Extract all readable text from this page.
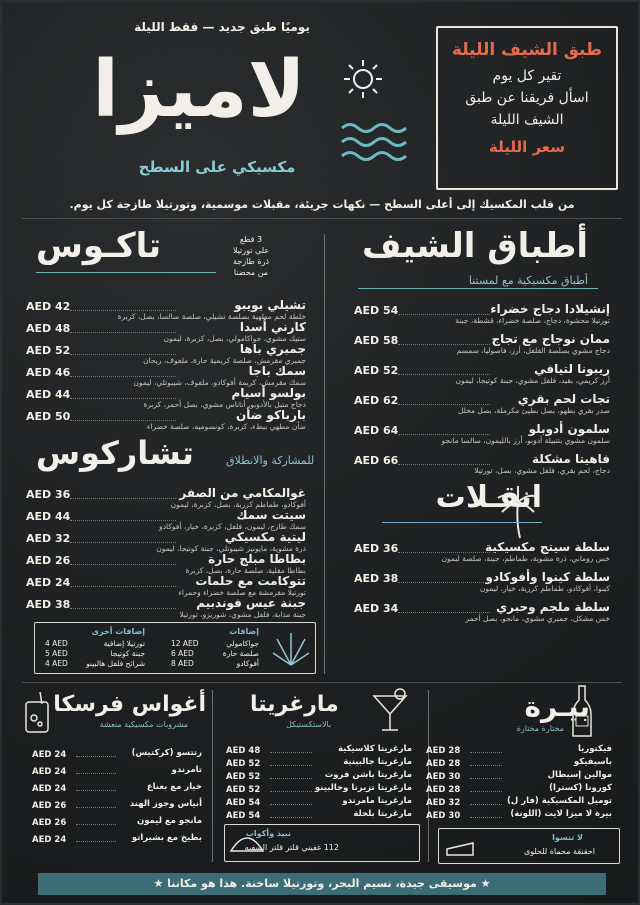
يوميًا طبق جديد — فقط الليلة
لاميزا
مكسيكي على السطح
طبق الشيف الليلة
تقير كل يوم
اسأل فريقنا عن طبق
الشيف الليلة
سعر الليلة
من قلب المكسيك إلى أعلى السطح — نكهات جريئة، مقبلات موسمية، وتورتيلا طازجة كل يوم.
أطباق الشيف
أطباق مكسيكية مع لمستنا
إنشيلادا دجاج خضراء
تورتيلا محشوة، دجاج، صلصة خضراء، قشطة، جبنة
AED 54
ممان نوجاج مع تجاج
دجاج مشوي بصلصة الفلفل، أرز، فاصوليا، سمسم
AED 58
ريبونا لتيافي
أرز كريمي، بقيد، فلفل مشوي، جبنة كوتيجا، ليمون
AED 52
تجات لحم بقري
صدر بقري بطهو، بصل بطيئ مكرملة، بصل مخلل
AED 62
سلمون أدوبلو
سلمون مشوي بتتبيلة أدوبو، أرز بالليمون، سالسا مانجو
AED 64
فاهيتا مشكلة
دجاج، لحم بقري، فلفل مشوي، بصل، تورتيلا
AED 66
انقـلات
سلطة سيتج مكسيكية
خس روماني، ذرة مشوية، طماطم، جبنة، صلصة ليمون
AED 36
سلطة كينوا وأفوكادو
كينوا، أفوكادو، طماطم كرزية، خيار، ليمون
AED 38
سلطة ملجم وحبري
خس مشكل، جمبري مشوي، مانجو، بصل أحمر
AED 34
تاكـوس	3 قطع
على تورتيلا
ذرة طازجة
من محضنا
تشيلي بويبو
خلطة لحم مطهية بصلصة تشيلي، صلصة سالسا، بصل، كزبرة
AED 42
كارني أسدا
ستيك مشوي، جواكامولي، بصل، كزبرة، ليمون
AED 48
جمبري باها
جمبري مقرمش، صلصة كريمية حارة، ملفوف، ريحان
AED 52
سمك باجا
سمك مقرمش، كريمة أفوكادو، ملفوف، شيبوتلي، ليمون
AED 46
بولسو أسيام
دجاج متبل بالأدوبو، أناناس مشوي، بصل أحمر، كزبرة
AED 44
بارباكو ضأن
ضأن مطهي ببطء، كزبرة، كونسوميه، صلصة خضراء
AED 50
تشاركوس	للمشاركة والانطلاق
غوالمكامي من الصفر
أفوكادو، طماطم كرزية، بصل، كزبرة، ليمون
AED 36
سيتت سمك
سمك طازج، ليمون، فلفل، كزبرة، خيار، أفوكادو
AED 44
ليتية مكسيكي
ذرة مشوية، مايونيز شيبوتلي، جبنة كوتيجا، ليمون
AED 32
بطاطا مبلج حارة
بطاطا مقلية، صلصة حارة، بصل، كزبرة
AED 26
تتوكامت مع حلمات
تورتيلا مقرمشة مع صلصة خضراء وحمراء
AED 24
جبنة عيس فوندبيم
جبنة مذابة، فلفل مشوي، شوريزو، تورتيلا
AED 38
إضافات
جواكامولي
12 AED
صلصة حارة
6 AED
أفوكادو
8 AED
إضافات أخرى
تورتيلا إضافية
4 AED
جبنة كوتيجا
5 AED
شرائح فلفل هالبينو
4 AED
أغواس فرسكا
مشروبات مكسيكية منعشة
رتتسو (كركتيس)
AED 24
تامرندو
AED 24
خيار مع بعناع
AED 24
أنياس وجوز الهند
AED 26
مانجو مع ليمون
AED 26
بطيخ مع بشيراتو
AED 24
مارغريتا
بالاستكستيكل
مارغريتا كلاسيكية
AED 48
مارغريتا جالبينية
AED 52
مارغريتا باشن فروت
AED 52
مارغريتا تزيرتا وحالبينو
AED 52
مارغريتا مامرندو
AED 54
مارغريتا بلحلة
AED 54
نبيذ وأكواب
112 غفيني قلتر قلتر السفيه
بيـرة
مختارة مختارة
فيكتوريا
AED 28
باسيفيكو
AED 28
موالين إسبطال
AED 30
كورونا (كسترا)
AED 28
توميل المكسيكية (فار ل)
AED 32
بيرة لا ميزا لايت (اللونة)
AED 30
لا تنسوا
احقنقة محماة للحلوى
★ موسيقى جيدة، نسيم البحر، وتورتيلا ساخنة. هذا هو مكاننا ★
